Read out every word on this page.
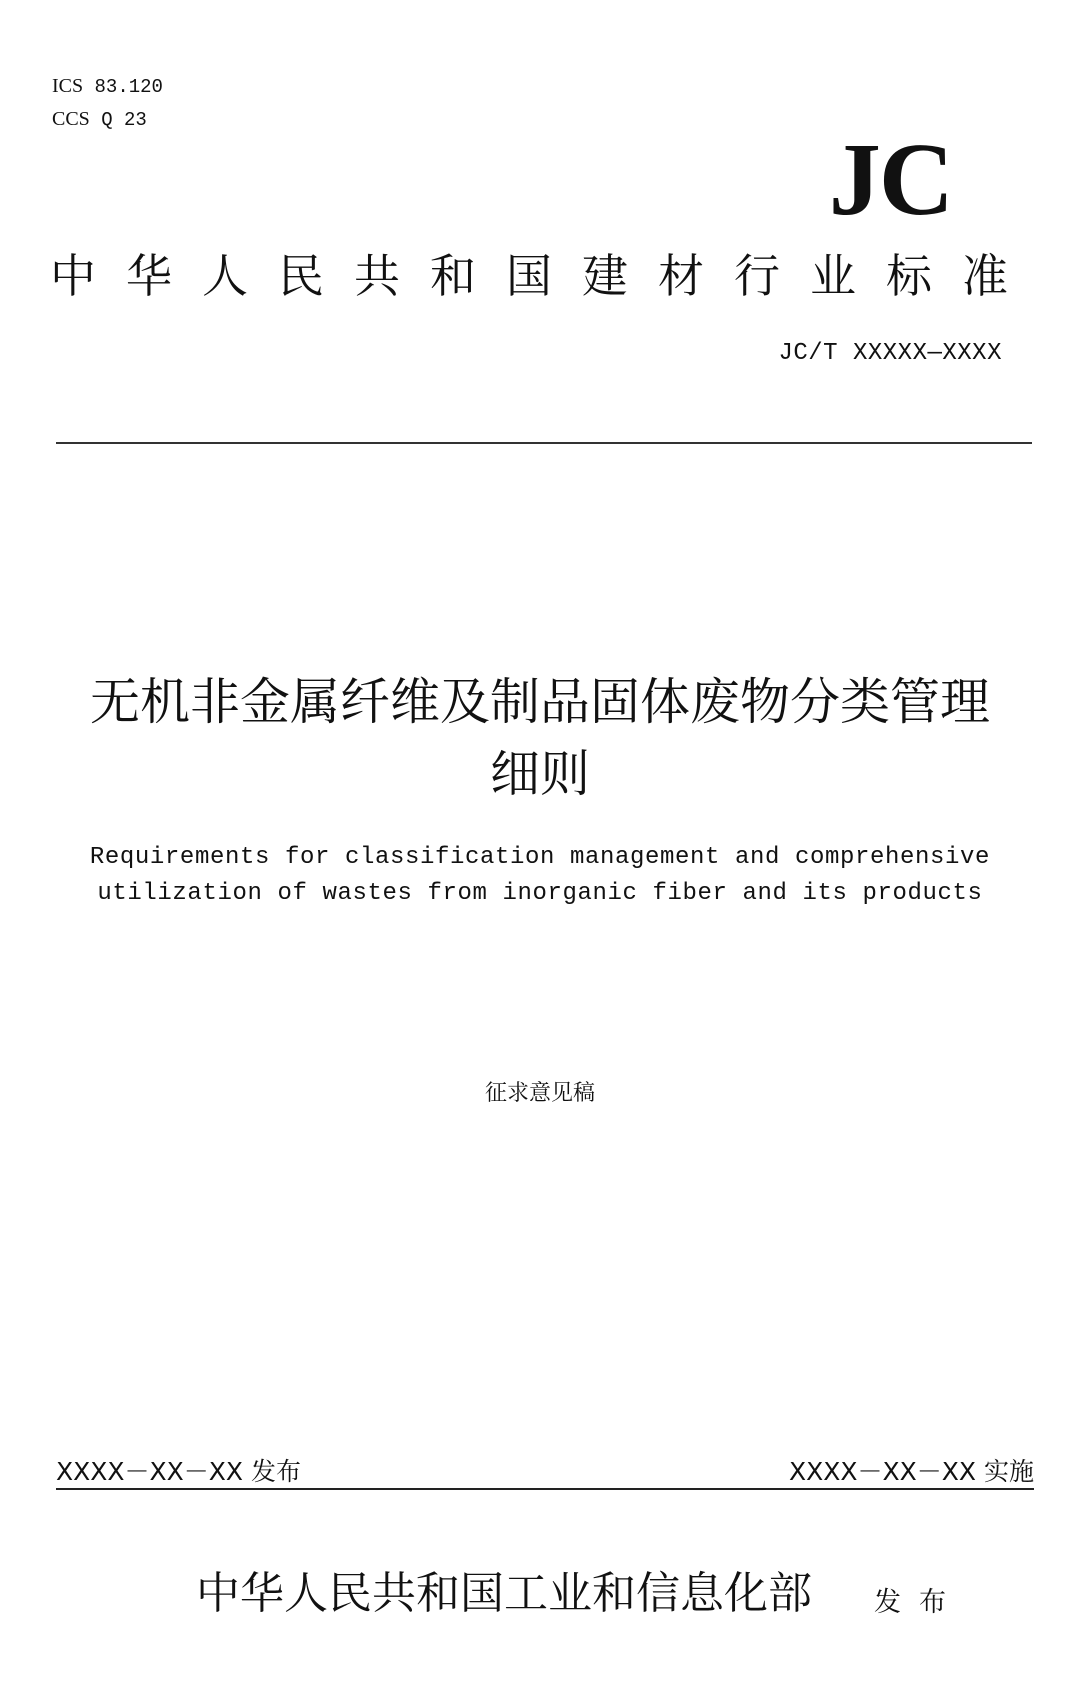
ICS 83.120
CCS Q 23
JC
中华人民共和国建材行业标准
JC/T XXXXX—XXXX
无机非金属纤维及制品固体废物分类管理
细则
Requirements for classification management and comprehensive
utilization of wastes from inorganic fiber and its products
征求意见稿
XXXX－XX－XX 发布	XXXX－XX－XX 实施
中华人民共和国工业和信息化部 发布
